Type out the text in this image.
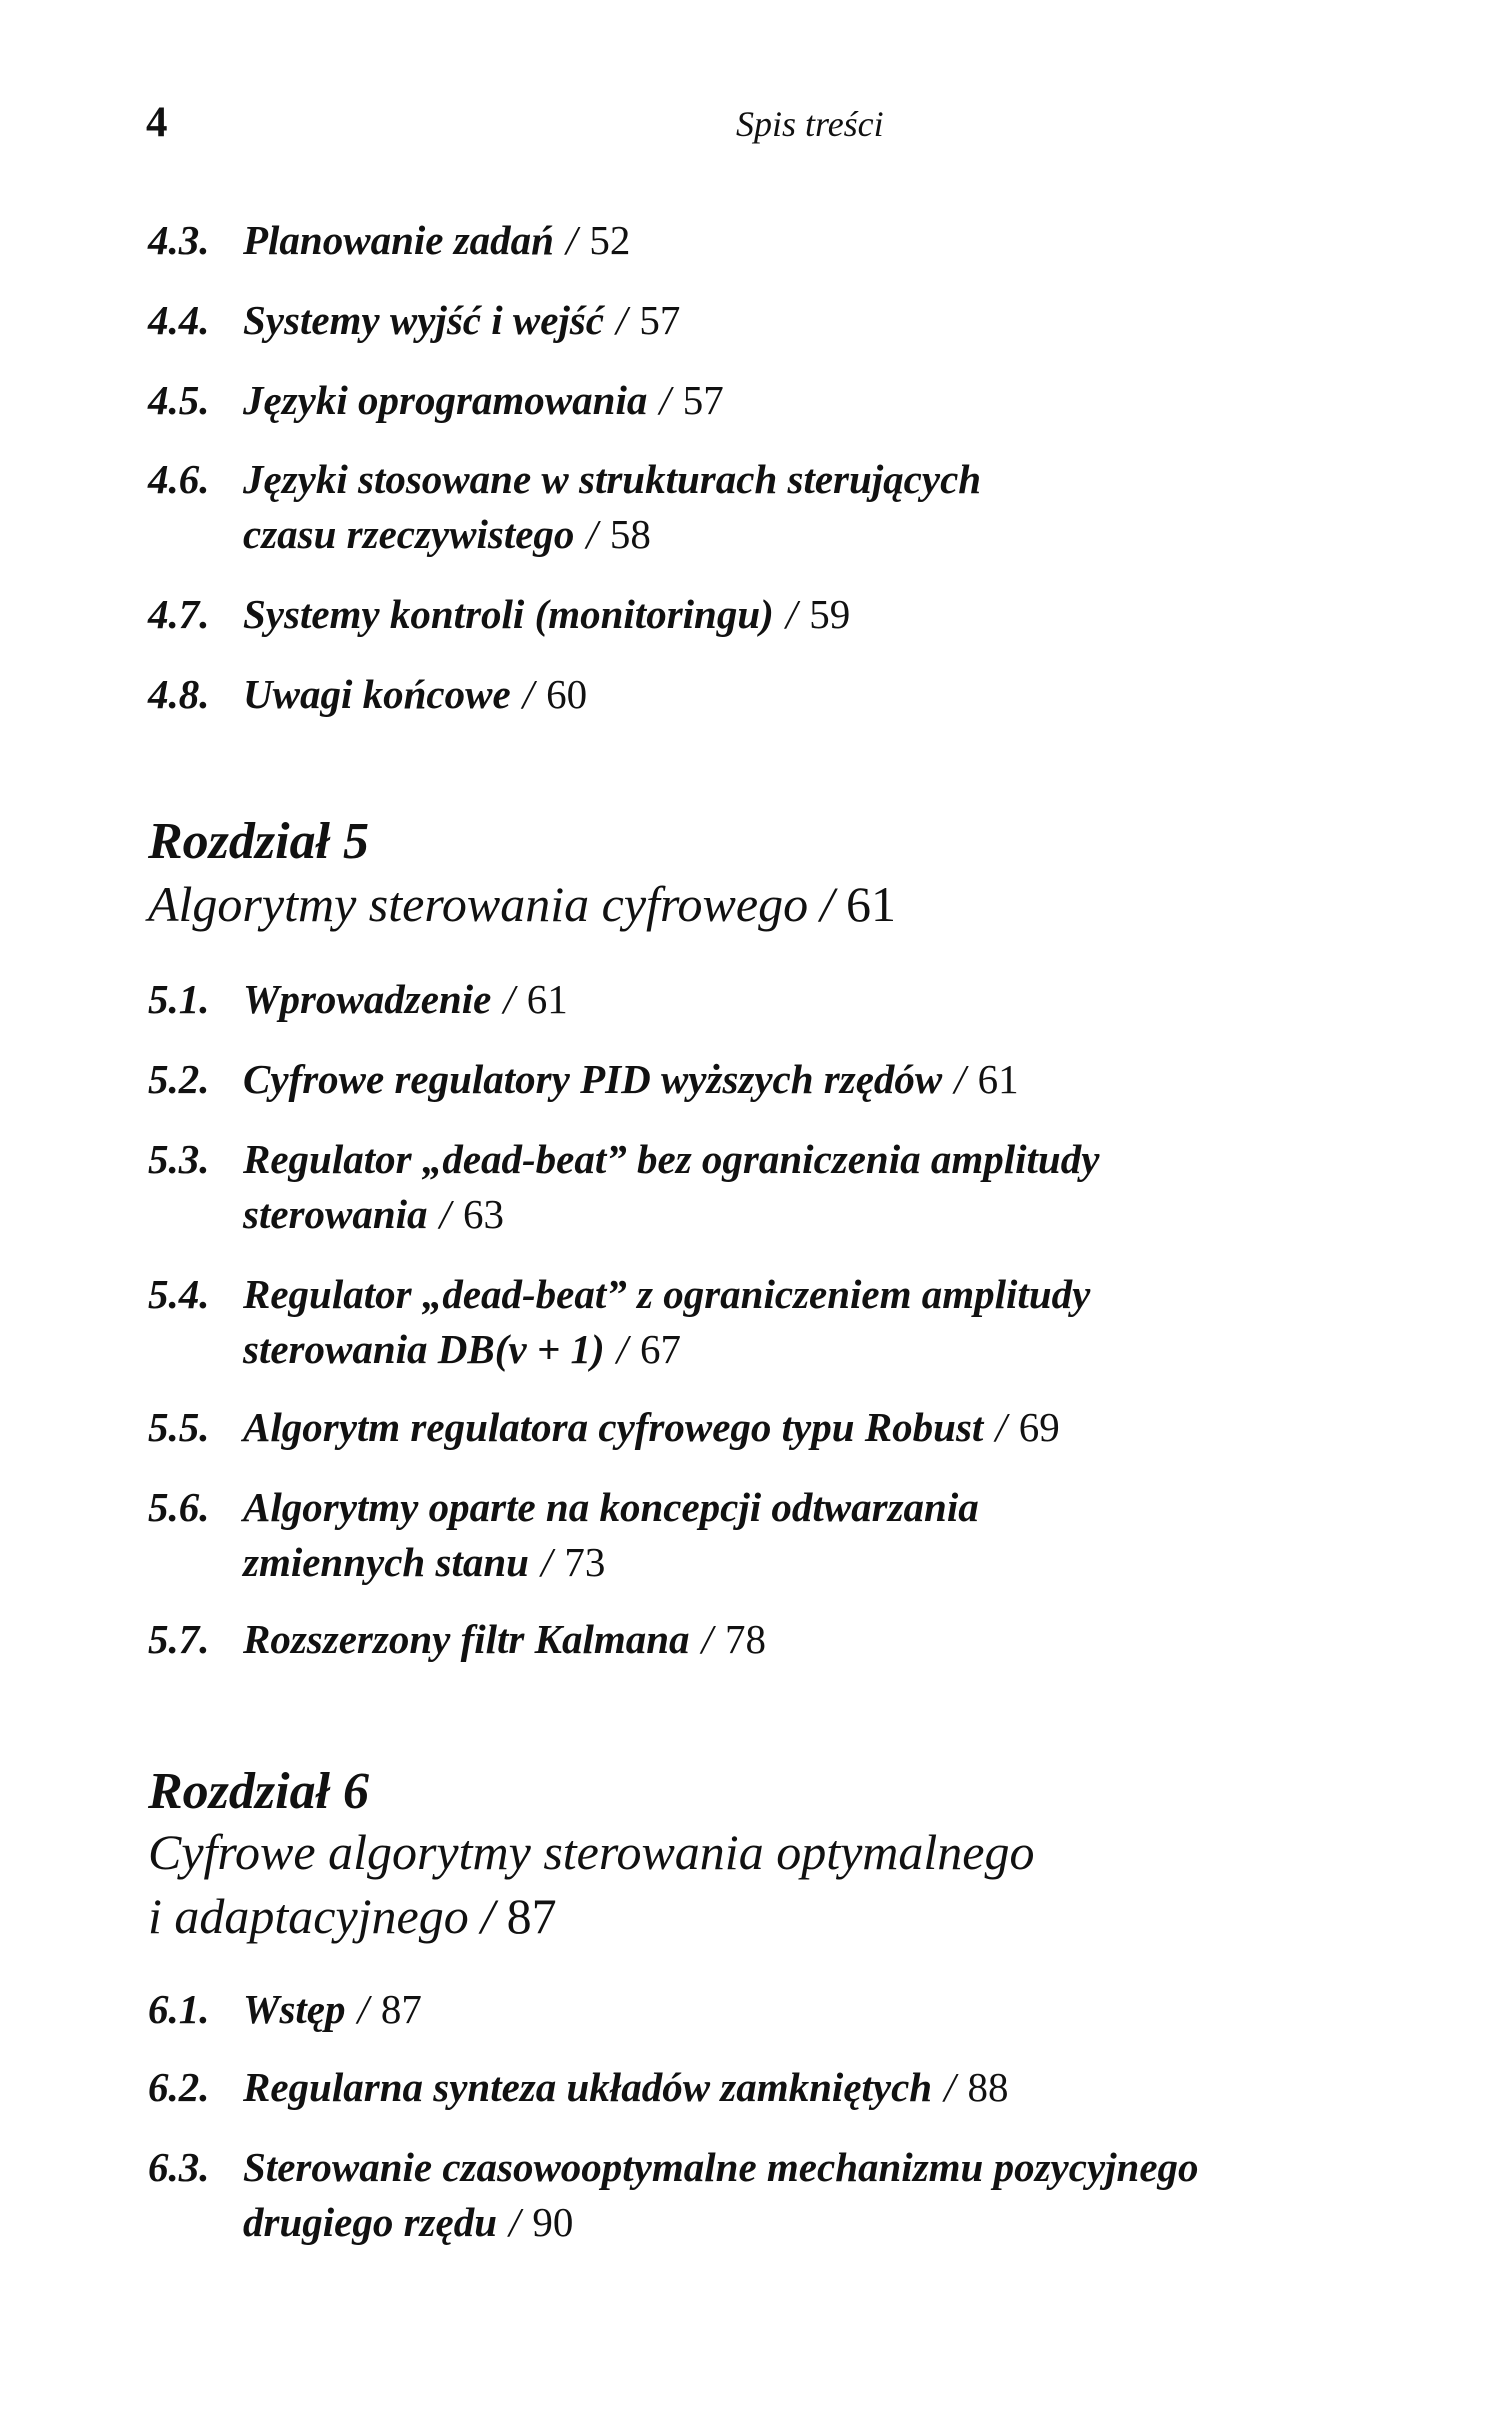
4	Spis treści
4.3. Planowanie zadań / 52
4.4. Systemy wyjść i wejść / 57
4.5. Języki oprogramowania / 57
4.6. Języki stosowane w strukturach sterujących
czasu rzeczywistego / 58
4.7. Systemy kontroli (monitoringu) / 59
4.8. Uwagi końcowe / 60
Rozdział 5
Algorytmy sterowania cyfrowego / 61
5.1. Wprowadzenie / 61
5.2. Cyfrowe regulatory PID wyższych rzędów / 61
5.3. Regulator „dead-beat” bez ograniczenia amplitudy
sterowania / 63
5.4. Regulator „dead-beat” z ograniczeniem amplitudy
sterowania DB(v + 1) / 67
5.5. Algorytm regulatora cyfrowego typu Robust / 69
5.6. Algorytmy oparte na koncepcji odtwarzania
zmiennych stanu / 73
5.7. Rozszerzony filtr Kalmana / 78
Rozdział 6
Cyfrowe algorytmy sterowania optymalnego
i adaptacyjnego / 87
6.1. Wstęp / 87
6.2. Regularna synteza układów zamkniętych / 88
6.3. Sterowanie czasowooptymalne mechanizmu pozycyjnego
drugiego rzędu / 90
